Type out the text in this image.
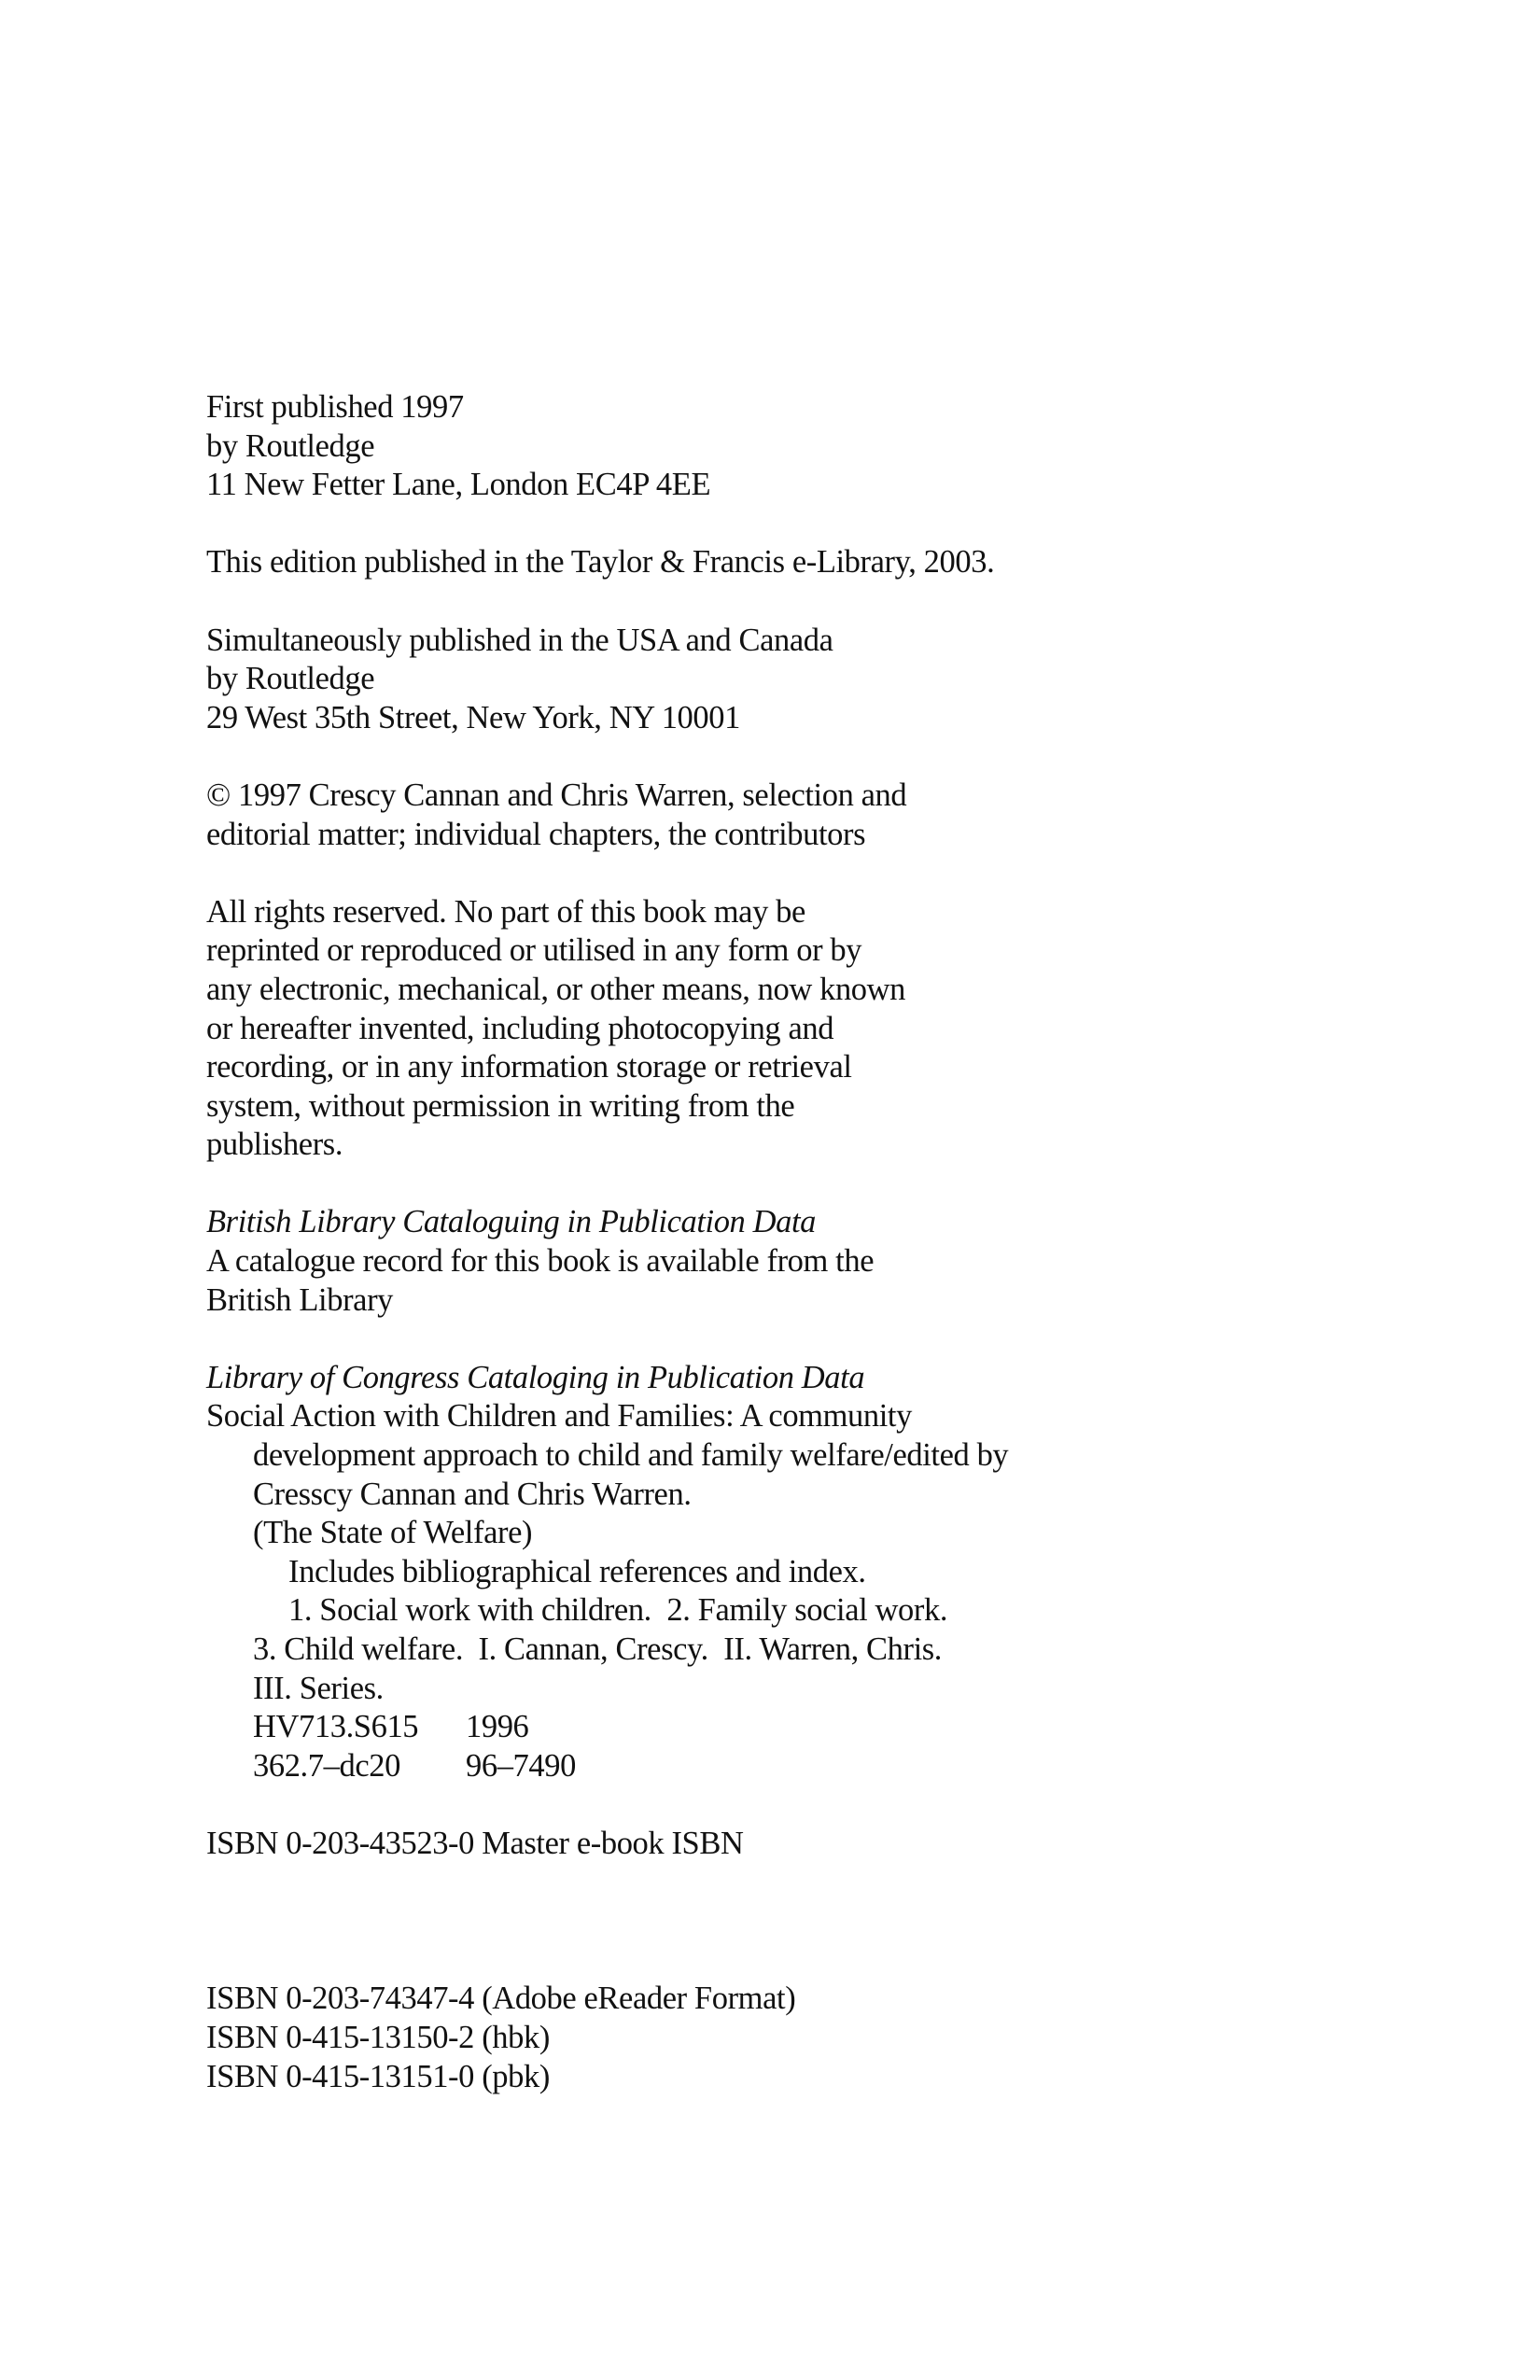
First published 1997
by Routledge
11 New Fetter Lane, London EC4P 4EE
This edition published in the Taylor & Francis e-Library, 2003.
Simultaneously published in the USA and Canada
by Routledge
29 West 35th Street, New York, NY 10001
© 1997 Crescy Cannan and Chris Warren, selection and
editorial matter; individual chapters, the contributors
All rights reserved. No part of this book may be
reprinted or reproduced or utilised in any form or by
any electronic, mechanical, or other means, now known
or hereafter invented, including photocopying and
recording, or in any information storage or retrieval
system, without permission in writing from the
publishers.
British Library Cataloguing in Publication Data
A catalogue record for this book is available from the
British Library
Library of Congress Cataloging in Publication Data
Social Action with Children and Families: A community
development approach to child and family welfare/edited by
Cresscy Cannan and Chris Warren.
(The State of Welfare)
Includes bibliographical references and index.
1. Social work with children.  2. Family social work.
3. Child welfare.  I. Cannan, Crescy.  II. Warren, Chris.
III. Series.
HV713.S615 1996
362.7–dc20 96–7490
ISBN 0-203-43523-0 Master e-book ISBN
ISBN 0-203-74347-4 (Adobe eReader Format)
ISBN 0-415-13150-2 (hbk)
ISBN 0-415-13151-0 (pbk)
